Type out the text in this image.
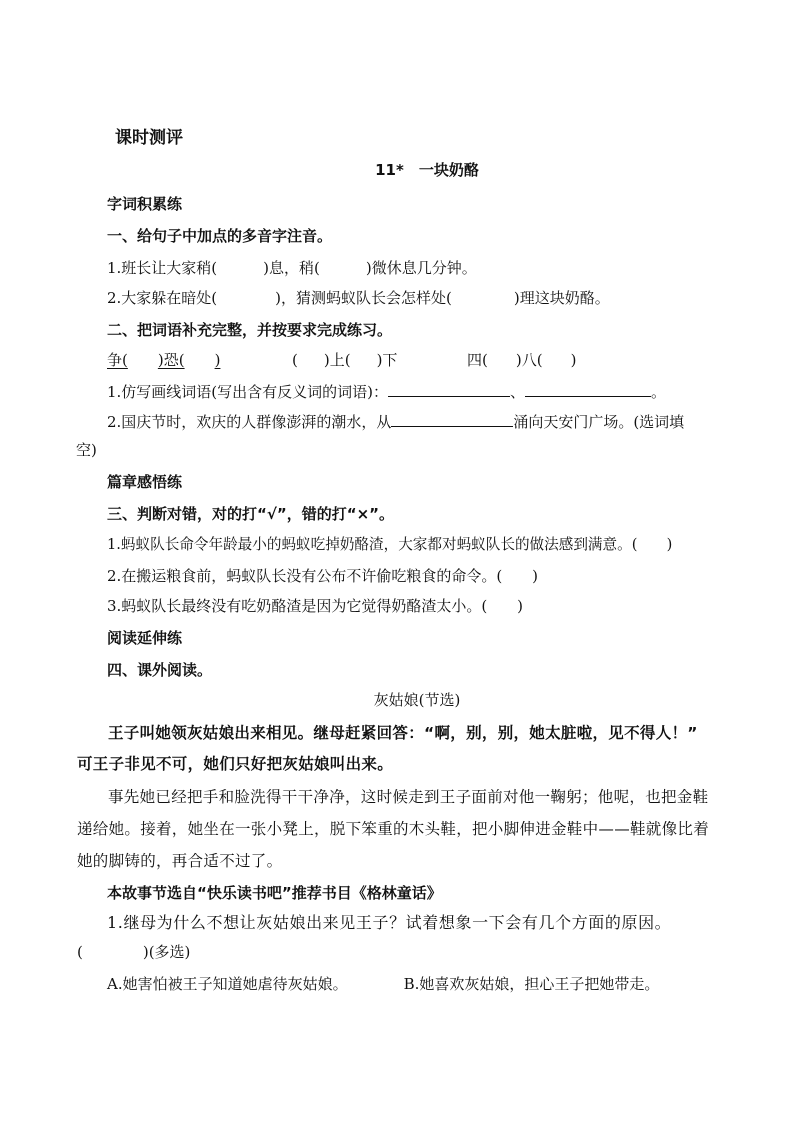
课时测评
11*　一块奶酪
字词积累练
一、给句子中加点的多音字注音。
1.班长让大家稍(	)息，稍(	)微休息几分钟。
2.大家躲在暗处(	)，猜测蚂蚁队长会怎样处(	)理这块奶酪。
二、把词语补充完整，并按要求完成练习。
争( )恐( )	( )上( )下	四( )八( )
1.仿写画线词语(写出含有反义词的词语)：	、	。
2.国庆节时，欢庆的人群像澎湃的潮水，从	涌向天安门广场。(选词填
空)
篇章感悟练
三、判断对错，对的打“√”，错的打“×”。
1.蚂蚁队长命令年龄最小的蚂蚁吃掉奶酪渣，大家都对蚂蚁队长的做法感到满意。(　　)
2.在搬运粮食前，蚂蚁队长没有公布不许偷吃粮食的命令。(　　)
3.蚂蚁队长最终没有吃奶酪渣是因为它觉得奶酪渣太小。(　　)
阅读延伸练
四、课外阅读。
灰姑娘(节选)
王子叫她领灰姑娘出来相见。继母赶紧回答：“啊，别，别，她太脏啦，见不得人！”
可王子非见不可，她们只好把灰姑娘叫出来。
事先她已经把手和脸洗得干干净净，这时候走到王子面前对他一鞠躬；他呢，也把金鞋
递给她。接着，她坐在一张小凳上，脱下笨重的木头鞋，把小脚伸进金鞋中——鞋就像比着
她的脚铸的，再合适不过了。
本故事节选自“快乐读书吧”推荐书目《格林童话》
1.继母为什么不想让灰姑娘出来见王子？试着想象一下会有几个方面的原因。
(　　　　)(多选)
A.她害怕被王子知道她虐待灰姑娘。	B.她喜欢灰姑娘，担心王子把她带走。
